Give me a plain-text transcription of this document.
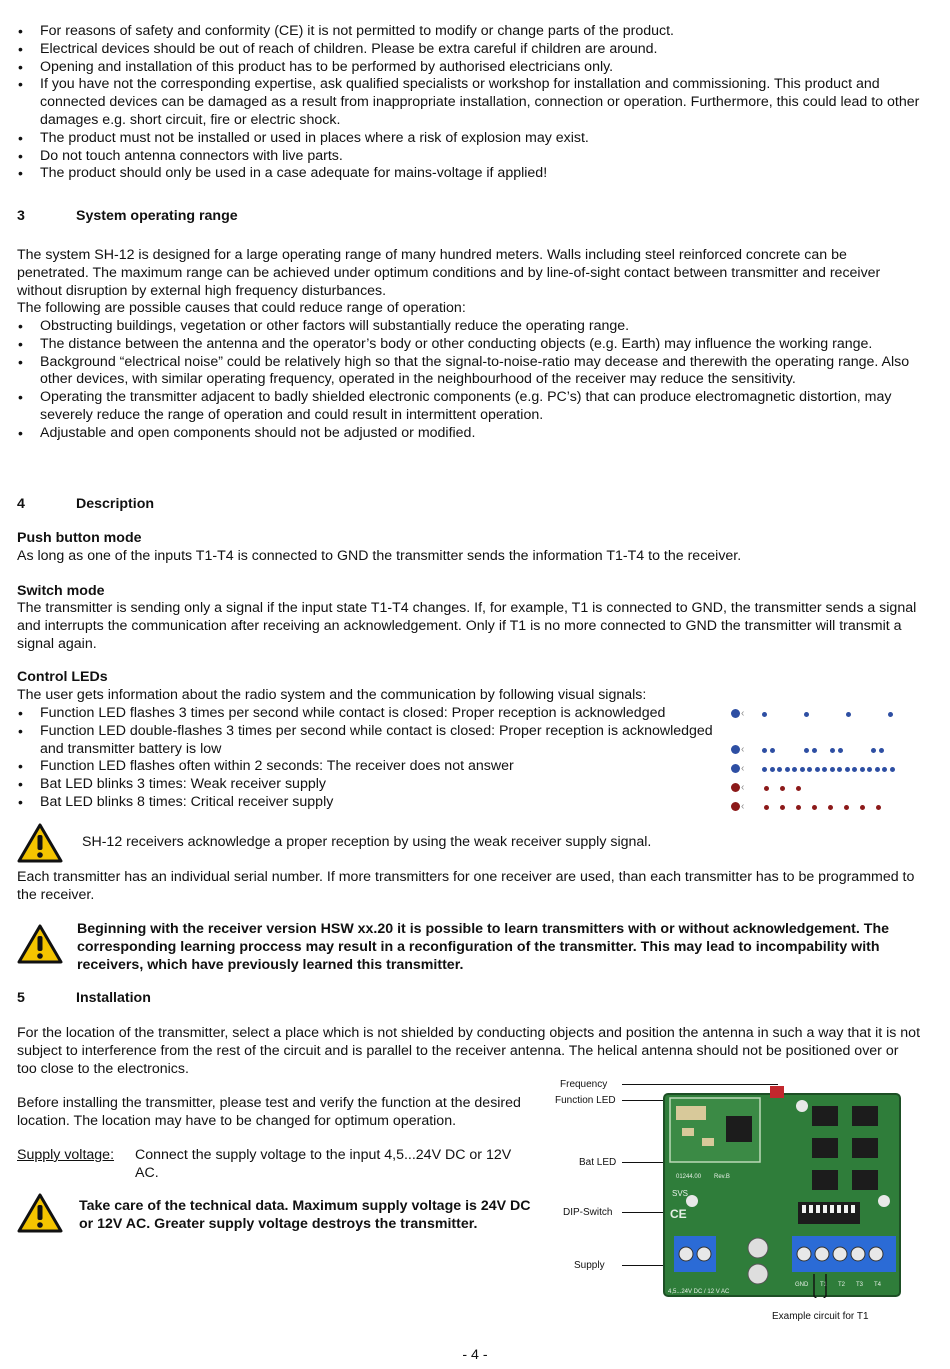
• For reasons of safety and conformity (CE) it is not permitted to modify or change parts of the product.
• Electrical devices should be out of reach of children. Please be extra careful if children are around.
• Opening and installation of this product has to be performed by authorised electricians only.
• If you have not the corresponding expertise, ask qualified specialists or workshop for installation and commissioning. This product and connected devices can be damaged as a result from inappropriate installation, connection or operation. Furthermore, this could lead to other damages e.g. short circuit, fire or electric shock.
• The product must not be installed or used in places where a risk of explosion may exist.
• Do not touch antenna connectors with live parts.
• The product should only be used in a case adequate for mains-voltage if applied!
3	System operating range

The system SH-12 is designed for a large operating range of many hundred meters. Walls including steel reinforced concrete can be penetrated. The maximum range can be achieved under optimum conditions and by line-of-sight contact between transmitter and receiver without disruption by external high frequency disturbances.

The following are possible causes that could reduce range of operation:

• Obstructing buildings, vegetation or other factors will substantially reduce the operating range.
• The distance between the antenna and the operator’s body or other conducting objects (e.g. Earth) may influence the working range.
• Background “electrical noise” could be relatively high so that the signal-to-noise-ratio may decease and therewith the operating range. Also other devices, with similar operating frequency, operated in the neighbourhood of the receiver may reduce the sensitivity.
• Operating the transmitter adjacent to badly shielded electronic components (e.g. PC’s) that can produce electromagnetic distortion, may severely reduce the range of operation and could result in intermittent operation.
• Adjustable and open components should not be adjusted or modified.
4	Description

Push button mode

As long as one of the inputs T1-T4 is connected to GND the transmitter sends the information T1-T4 to the receiver.

Switch mode

The transmitter is sending only a signal if the input state T1-T4 changes. If, for example, T1 is connected to GND, the transmitter sends a signal and interrupts the communication after receiving an acknowledgement. Only if T1 is no more connected to GND the transmitter will transmit a signal again.

Control LEDs

The user gets information about the radio system and the communication by following visual signals:

• Function LED flashes 3 times per second while contact is closed: Proper reception is acknowledged
• Function LED double-flashes 3 times per second while contact is closed: Proper reception is acknowledged and transmitter battery is low
• Function LED flashes often within 2 seconds: The receiver does not answer
• Bat LED blinks 3 times: Weak receiver supply
• Bat LED blinks 8 times: Critical receiver supply
‹
‹
‹
‹
‹

SH-12 receivers acknowledge a proper reception by using the weak receiver supply signal.

Each transmitter has an individual serial number. If more transmitters for one receiver are used, than each transmitter has to be programmed to the receiver.

Beginning with the receiver version HSW xx.20 it is possible to learn transmitters with or without acknowledgement. The corresponding learning proccess may result in a reconfiguration of the transmitter. This may lead to incompability with receivers, which have previously learned this transmitter.

5	Installation

For the location of the transmitter, select a place which is not shielded by conducting objects and position the antenna in such a way that it is not subject to interference from the rest of the circuit and is parallel to the receiver antenna. The helical antenna should not be positioned over or too close to the electronics.

Before installing the transmitter, please test and verify the function at the desired location. The location may have to be changed for optimum operation.

Supply voltage: Connect the supply voltage to the input 4,5...24V DC or 12V AC.

Take care of the technical data. Maximum supply voltage is 24V DC or 12V AC. Greater supply voltage destroys the transmitter.

Frequency
Function LED
Bat LED
DIP-Switch
Supply
01244.00 Rev.B
SVS
CE
GND T1 T2 T3 T4
4,5...24V DC / 12 V AC
Example circuit for T1

- 4 -
